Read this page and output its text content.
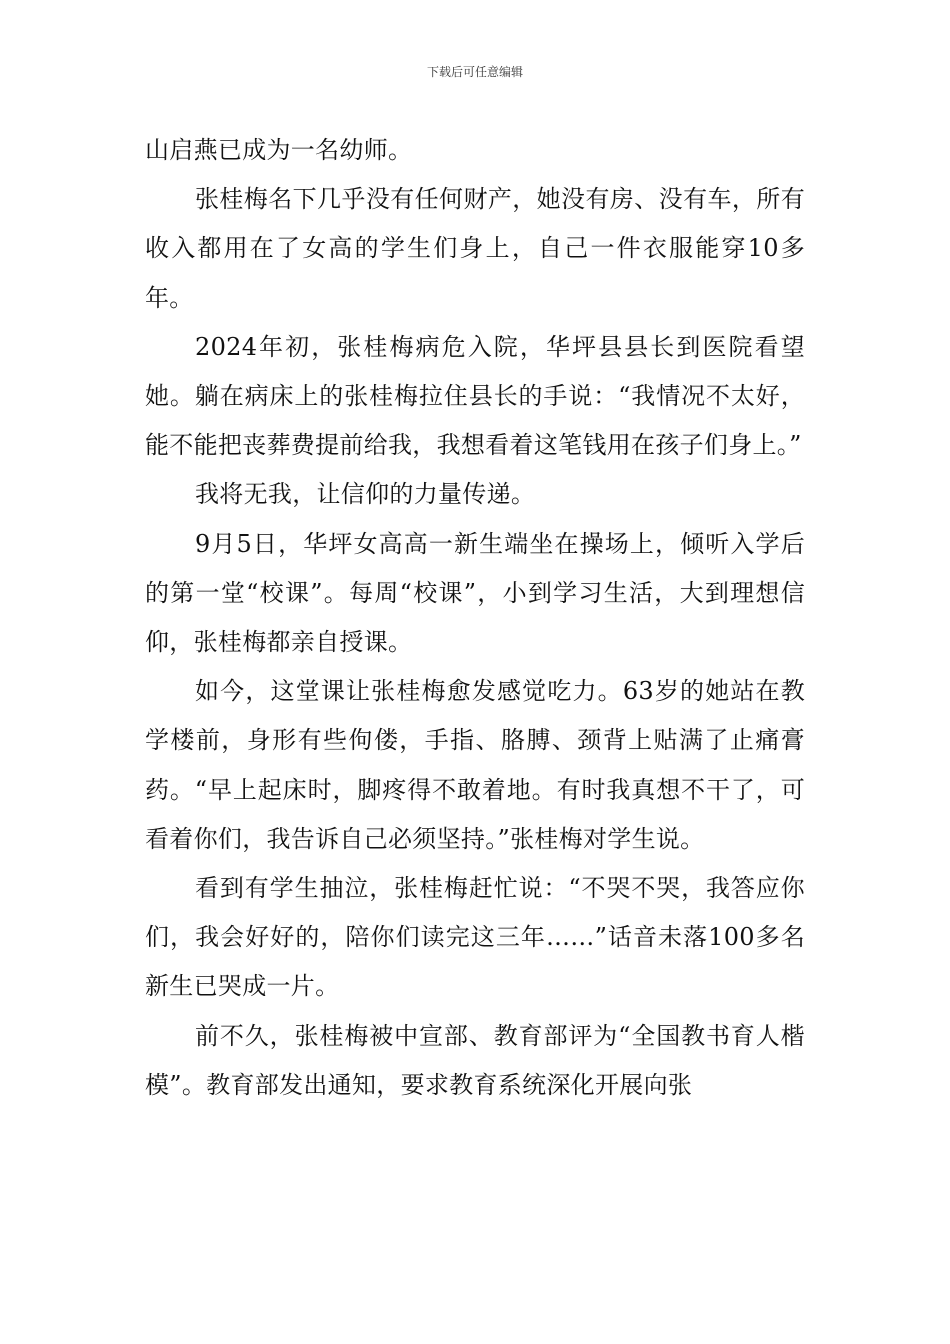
下载后可任意编辑

山启燕已成为一名幼师。

张桂梅名下几乎没有任何财产，她没有房、没有车，所有收入都用在了女高的学生们身上，自己一件衣服能穿10多年。

2024年初，张桂梅病危入院，华坪县县长到医院看望她。躺在病床上的张桂梅拉住县长的手说：“我情况不太好，能不能把丧葬费提前给我，我想看着这笔钱用在孩子们身上。”

我将无我，让信仰的力量传递。

9月5日，华坪女高高一新生端坐在操场上，倾听入学后的第一堂“校课”。每周“校课”，小到学习生活，大到理想信仰，张桂梅都亲自授课。

如今，这堂课让张桂梅愈发感觉吃力。63岁的她站在教学楼前，身形有些佝偻，手指、胳膊、颈背上贴满了止痛膏药。“早上起床时，脚疼得不敢着地。有时我真想不干了，可看着你们，我告诉自己必须坚持。”张桂梅对学生说。

看到有学生抽泣，张桂梅赶忙说：“不哭不哭，我答应你们，我会好好的，陪你们读完这三年……”话音未落100多名新生已哭成一片。

前不久，张桂梅被中宣部、教育部评为“全国教书育人楷模”。教育部发出通知，要求教育系统深化开展向张
